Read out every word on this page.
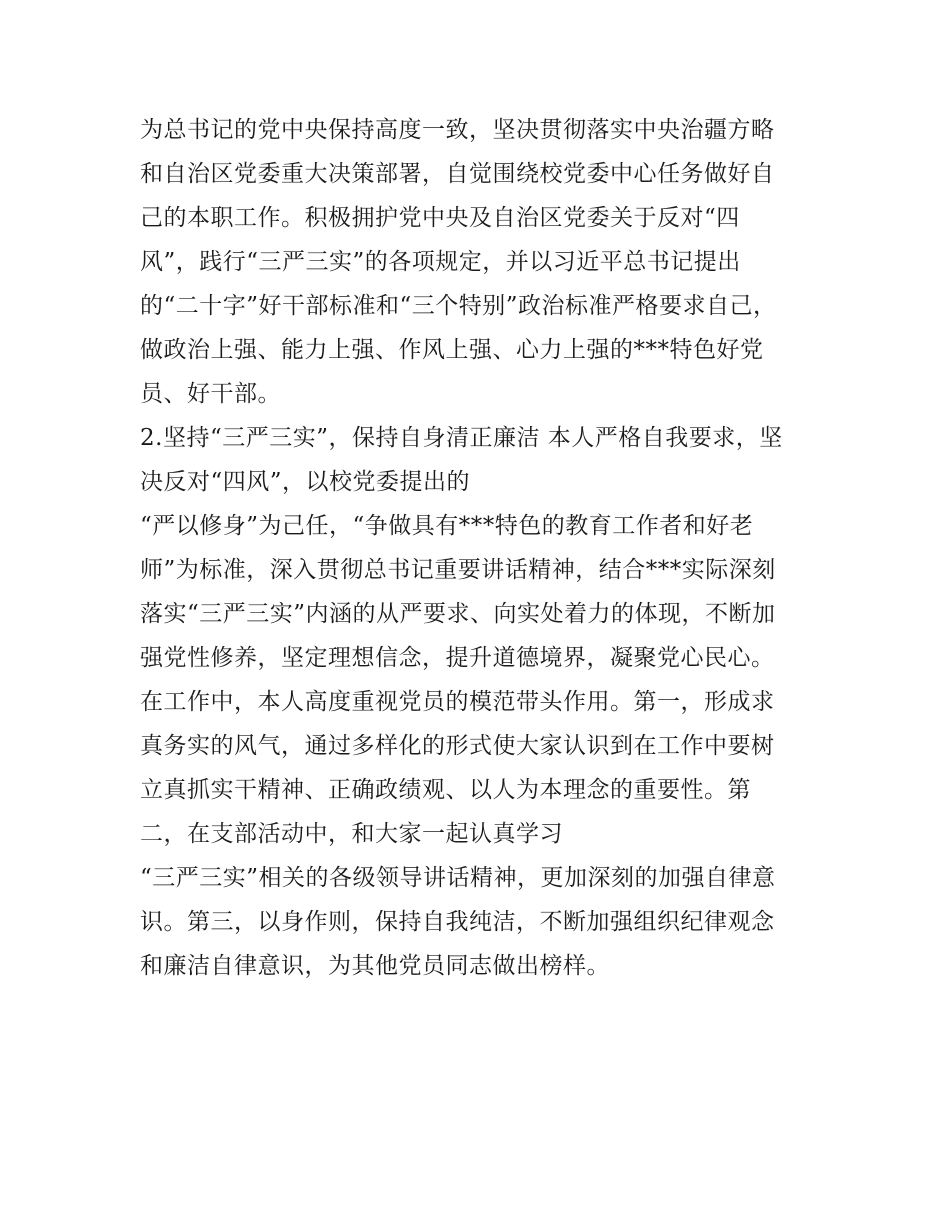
为总书记的党中央保持高度一致，坚决贯彻落实中央治疆方略
和自治区党委重大决策部署，自觉围绕校党委中心任务做好自
己的本职工作。积极拥护党中央及自治区党委关于反对“四
风”，践行“三严三实”的各项规定，并以习近平总书记提出
的“二十字”好干部标准和“三个特别”政治标准严格要求自己，
做政治上强、能力上强、作风上强、心力上强的***特色好党
员、好干部。
2.坚持“三严三实”，保持自身清正廉洁 本人严格自我要求，坚
决反对“四风”，以校党委提出的
“严以修身”为己任，“争做具有***特色的教育工作者和好老
师”为标准，深入贯彻总书记重要讲话精神，结合***实际深刻
落实“三严三实”内涵的从严要求、向实处着力的体现，不断加
强党性修养，坚定理想信念，提升道德境界，凝聚党心民心。
在工作中，本人高度重视党员的模范带头作用。第一，形成求
真务实的风气，通过多样化的形式使大家认识到在工作中要树
立真抓实干精神、正确政绩观、以人为本理念的重要性。第
二，在支部活动中，和大家一起认真学习
“三严三实”相关的各级领导讲话精神，更加深刻的加强自律意
识。第三，以身作则，保持自我纯洁，不断加强组织纪律观念
和廉洁自律意识，为其他党员同志做出榜样。
